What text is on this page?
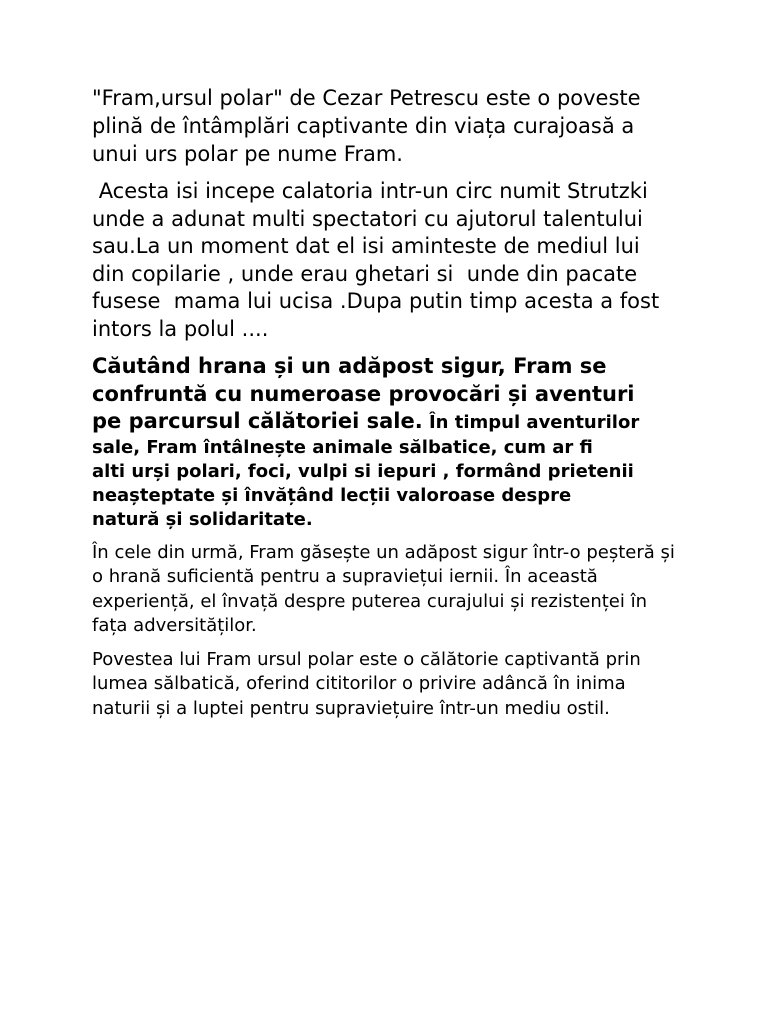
"Fram,ursul polar" de Cezar Petrescu este o poveste plină de întâmplări captivante din viața curajoasă a unui urs polar pe nume Fram.

Acesta isi incepe calatoria intr-un circ numit Strutzki unde a adunat multi spectatori cu ajutorul talentului sau.La un moment dat el isi aminteste de mediul lui din copilarie , unde erau ghetari si  unde din pacate fusese  mama lui ucisa .Dupa putin timp acesta a fost intors la polul ....

Căutând hrana și un adăpost sigur, Fram se
confruntă cu numeroase provocări și aventuri
pe parcursul călătoriei sale. În timpul aventurilor
sale, Fram întâlnește animale sălbatice, cum ar fi
alti urși polari, foci, vulpi si iepuri , formând prietenii
neașteptate și învățând lecții valoroase despre
natură și solidaritate.

În cele din urmă, Fram găsește un adăpost sigur într-o peșteră și o hrană suficientă pentru a supraviețui iernii. În această experiență, el învață despre puterea curajului și rezistenței în fața adversităților.

Povestea lui Fram ursul polar este o călătorie captivantă prin lumea sălbatică, oferind cititorilor o privire adâncă în inima naturii și a luptei pentru supraviețuire într-un mediu ostil.
